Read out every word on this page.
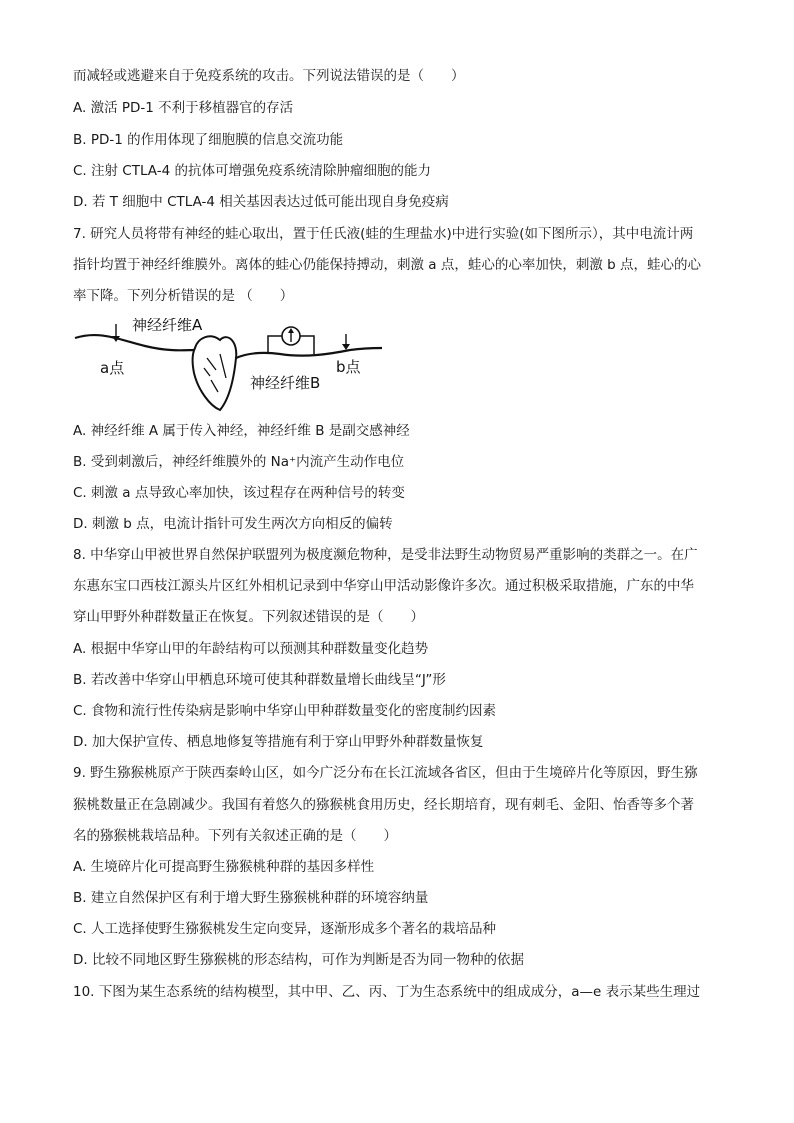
而减轻或逃避来自于免疫系统的攻击。下列说法错误的是（　　）
A. 激活 PD-1 不利于移植器官的存活
B. PD-1 的作用体现了细胞膜的信息交流功能
C. 注射 CTLA-4 的抗体可增强免疫系统清除肿瘤细胞的能力
D. 若 T 细胞中 CTLA-4 相关基因表达过低可能出现自身免疫病
7. 研究人员将带有神经的蛙心取出，置于任氏液(蛙的生理盐水)中进行实验(如下图所示），其中电流计两
指针均置于神经纤维膜外。离体的蛙心仍能保持搏动，刺激 a 点，蛙心的心率加快，刺激 b 点，蛙心的心
率下降。下列分析错误的是 （　　）
神经纤维A
a点
神经纤维B
b点
A. 神经纤维 A 属于传入神经，神经纤维 B 是副交感神经
B. 受到刺激后，神经纤维膜外的 Na⁺内流产生动作电位
C. 刺激 a 点导致心率加快，该过程存在两种信号的转变
D. 刺激 b 点，电流计指针可发生两次方向相反的偏转
8. 中华穿山甲被世界自然保护联盟列为极度濒危物种，是受非法野生动物贸易严重影响的类群之一。在广
东惠东宝口西枝江源头片区红外相机记录到中华穿山甲活动影像许多次。通过积极采取措施，广东的中华
穿山甲野外种群数量正在恢复。下列叙述错误的是（　　）
A. 根据中华穿山甲的年龄结构可以预测其种群数量变化趋势
B. 若改善中华穿山甲栖息环境可使其种群数量增长曲线呈“J”形
C. 食物和流行性传染病是影响中华穿山甲种群数量变化的密度制约因素
D. 加大保护宣传、栖息地修复等措施有利于穿山甲野外种群数量恢复
9. 野生猕猴桃原产于陕西秦岭山区，如今广泛分布在长江流域各省区，但由于生境碎片化等原因，野生猕
猴桃数量正在急剧减少。我国有着悠久的猕猴桃食用历史，经长期培育，现有刺毛、金阳、怡香等多个著
名的猕猴桃栽培品种。下列有关叙述正确的是（　　）
A. 生境碎片化可提高野生猕猴桃种群的基因多样性
B. 建立自然保护区有利于增大野生猕猴桃种群的环境容纳量
C. 人工选择使野生猕猴桃发生定向变异，逐渐形成多个著名的栽培品种
D. 比较不同地区野生猕猴桃的形态结构，可作为判断是否为同一物种的依据
10. 下图为某生态系统的结构模型，其中甲、乙、丙、丁为生态系统中的组成成分，a—e 表示某些生理过
